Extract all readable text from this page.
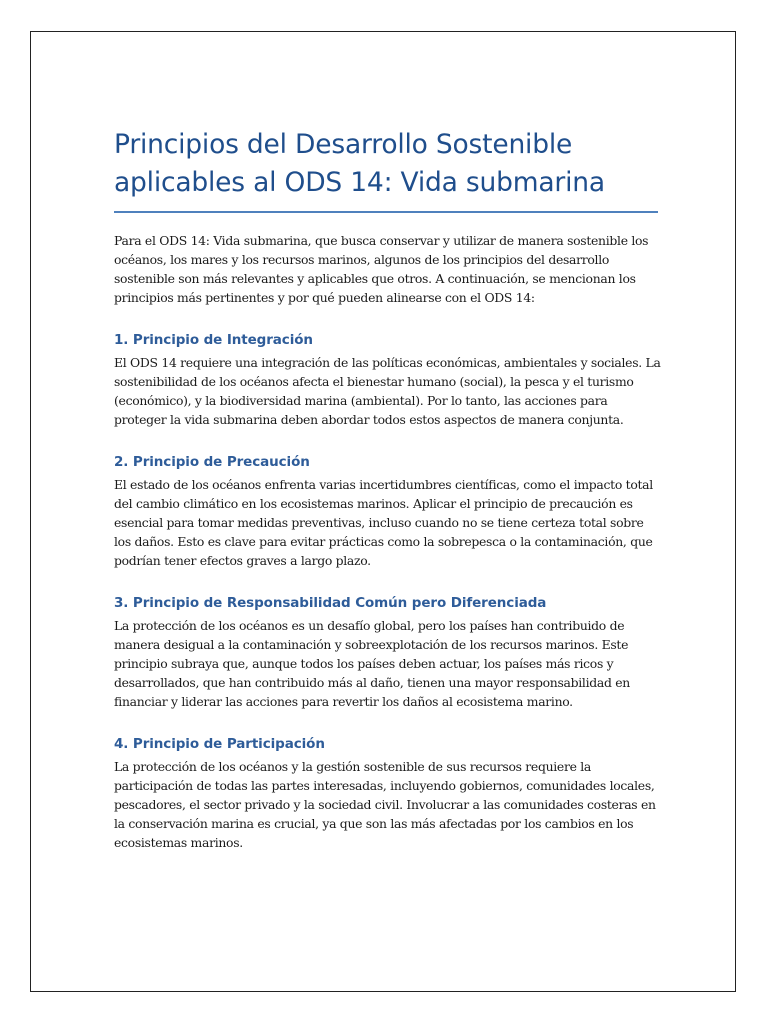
Principios del Desarrollo Sostenible
aplicables al ODS 14: Vida submarina

Para el ODS 14: Vida submarina, que busca conservar y utilizar de manera sostenible los océanos, los mares y los recursos marinos, algunos de los principios del desarrollo sostenible son más relevantes y aplicables que otros. A continuación, se mencionan los principios más pertinentes y por qué pueden alinearse con el ODS 14:

1. Principio de Integración

El ODS 14 requiere una integración de las políticas económicas, ambientales y sociales. La sostenibilidad de los océanos afecta el bienestar humano (social), la pesca y el turismo (económico), y la biodiversidad marina (ambiental). Por lo tanto, las acciones para proteger la vida submarina deben abordar todos estos aspectos de manera conjunta.

2. Principio de Precaución

El estado de los océanos enfrenta varias incertidumbres científicas, como el impacto total del cambio climático en los ecosistemas marinos. Aplicar el principio de precaución es esencial para tomar medidas preventivas, incluso cuando no se tiene certeza total sobre los daños. Esto es clave para evitar prácticas como la sobrepesca o la contaminación, que podrían tener efectos graves a largo plazo.

3. Principio de Responsabilidad Común pero Diferenciada

La protección de los océanos es un desafío global, pero los países han contribuido de manera desigual a la contaminación y sobreexplotación de los recursos marinos. Este principio subraya que, aunque todos los países deben actuar, los países más ricos y desarrollados, que han contribuido más al daño, tienen una mayor responsabilidad en financiar y liderar las acciones para revertir los daños al ecosistema marino.

4. Principio de Participación

La protección de los océanos y la gestión sostenible de sus recursos requiere la participación de todas las partes interesadas, incluyendo gobiernos, comunidades locales, pescadores, el sector privado y la sociedad civil. Involucrar a las comunidades costeras en la conservación marina es crucial, ya que son las más afectadas por los cambios en los ecosistemas marinos.
